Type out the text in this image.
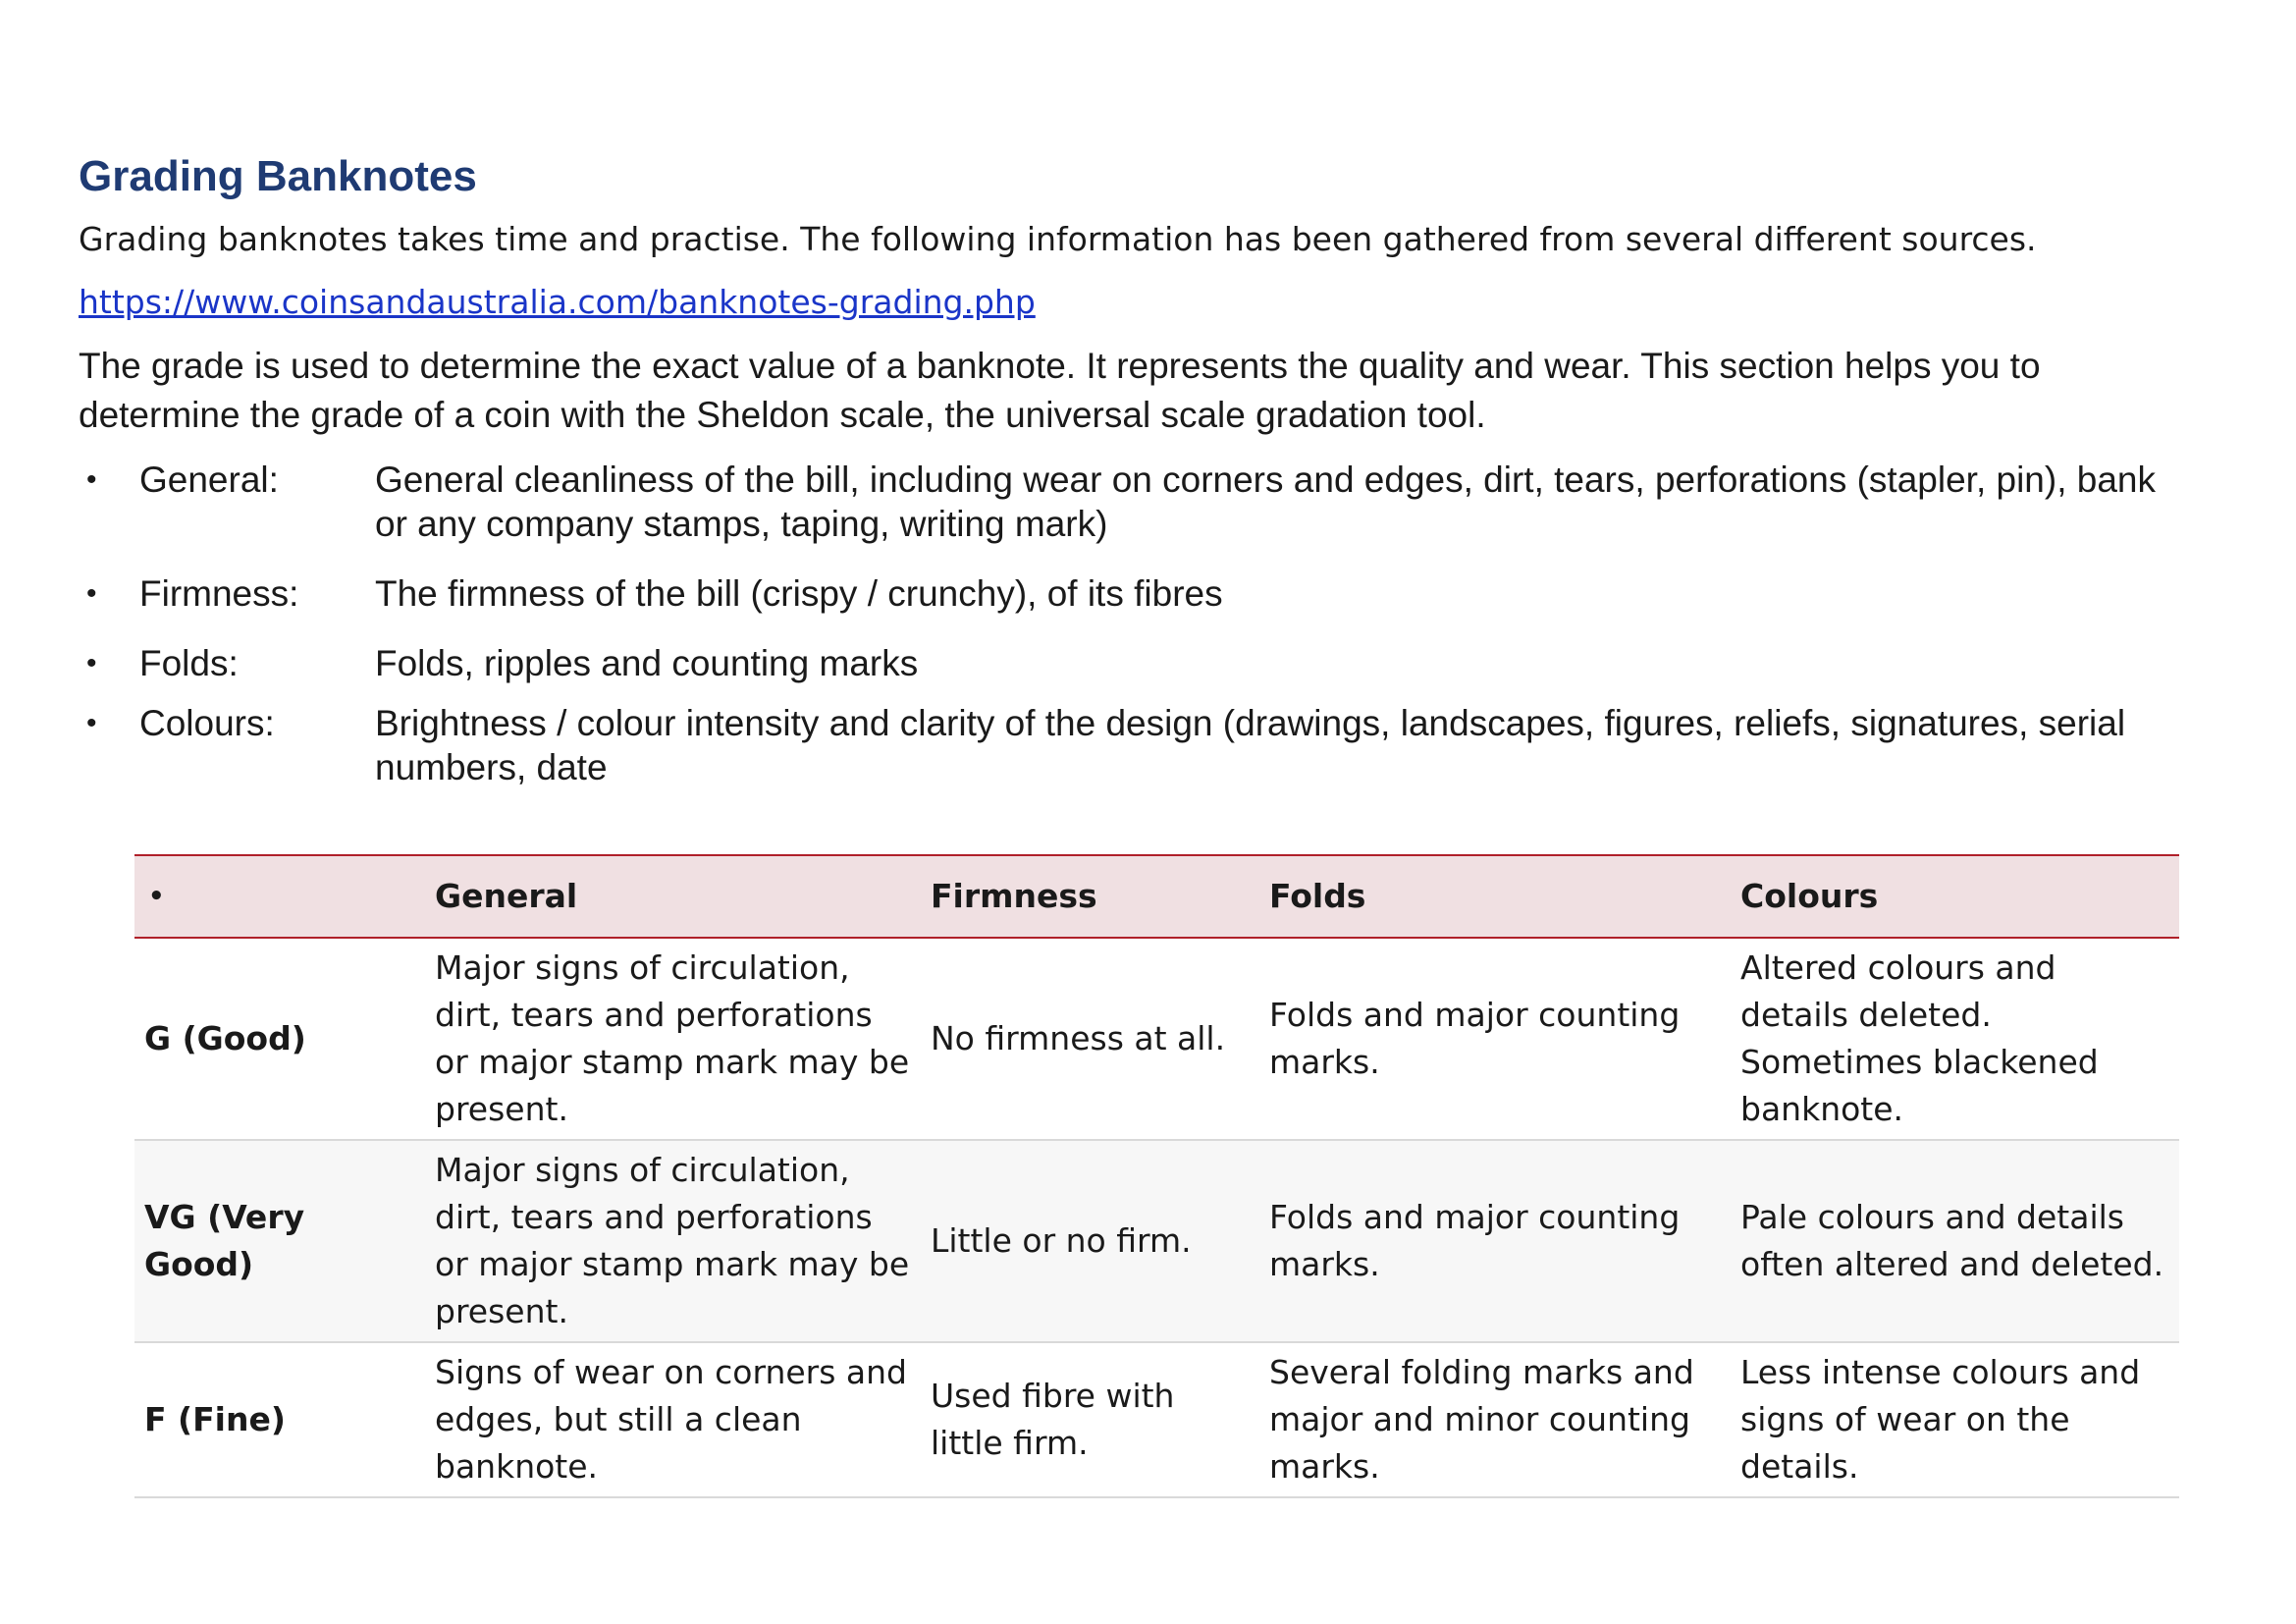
Grading Banknotes
Grading banknotes takes time and practise. The following information has been gathered from several different sources.
https://www.coinsandaustralia.com/banknotes-grading.php
The grade is used to determine the exact value of a banknote. It represents the quality and wear. This section helps you to determine the grade of a coin with the Sheldon scale, the universal scale gradation tool.
•	General:	General cleanliness of the bill, including wear on corners and edges, dirt, tears, perforations (stapler, pin), bank or any company stamps, taping, writing mark)
•	Firmness:	The firmness of the bill (crispy / crunchy), of its fibres
•	Folds:	Folds, ripples and counting marks
•	Colours:	Brightness / colour intensity and clarity of the design (drawings, landscapes, figures, reliefs, signatures, serial numbers, date
•	General	Firmness	Folds	Colours
G (Good)	Major signs of circulation, dirt, tears and perforations or major stamp mark may be present.	No firmness at all.	Folds and major counting marks.	Altered colours and details deleted. Sometimes blackened banknote.
VG (Very Good)	Major signs of circulation, dirt, tears and perforations or major stamp mark may be present.	Little or no firm.	Folds and major counting marks.	Pale colours and details often altered and deleted.
F (Fine)	Signs of wear on corners and edges, but still a clean banknote.	Used fibre with little firm.	Several folding marks and major and minor counting marks.	Less intense colours and signs of wear on the details.
